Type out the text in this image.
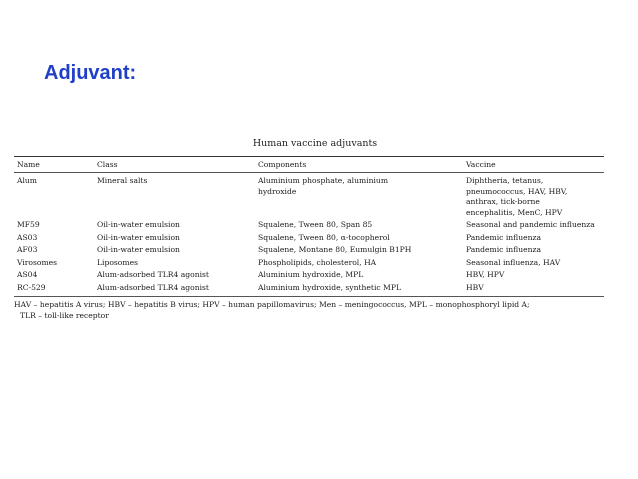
Adjuvant:
Human vaccine adjuvants
Name	Class	Components	Vaccine
Alum	Mineral salts	Aluminium phosphate, aluminium hydroxide	Diphtheria, tetanus, pneumococcus, HAV, HBV, anthrax, tick-borne encephalitis, MenC, HPV
MF59	Oil-in-water emulsion	Squalene, Tween 80, Span 85	Seasonal and pandemic influenza
AS03	Oil-in-water emulsion	Squalene, Tween 80, α-tocopherol	Pandemic influenza
AF03	Oil-in-water emulsion	Squalene, Montane 80, Eumulgin B1PH	Pandemic influenza
Virosomes	Liposomes	Phospholipids, cholesterol, HA	Seasonal influenza, HAV
AS04	Alum-adsorbed TLR4 agonist	Aluminium hydroxide, MPL	HBV, HPV
RC-529	Alum-adsorbed TLR4 agonist	Aluminium hydroxide, synthetic MPL	HBV
HAV – hepatitis A virus; HBV – hepatitis B virus; HPV – human papillomavirus; Men – meningococcus, MPL – monophosphoryl lipid A;
TLR – toll-like receptor
